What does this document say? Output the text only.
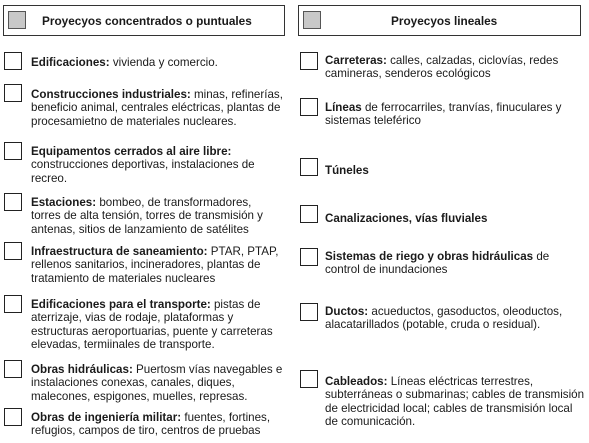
Proyecyos concentrados o puntuales	Proyecyos lineales
Edificaciones: vivienda y comercio.
Construcciones industriales: minas, refinerías, beneficio animal, centrales eléctricas, plantas de procesamietno de materiales nucleares.
Equipamentos cerrados al aire libre: construcciones deportivas, instalaciones de recreo.
Estaciones: bombeo, de transformadores, torres de alta tensión, torres de transmisión y antenas, sitios de lanzamiento de satélites
Infraestructura de saneamiento: PTAR, PTAP, rellenos sanitarios, incineradores, plantas de tratamiento de materiales nucleares
Edificaciones para el transporte: pistas de aterrizaje, vias de rodaje, plataformas y estructuras aeroportuarias, puente y carreteras elevadas, termiinales de transporte.
Obras hidráulicas: Puertosm vías navegables e instalaciones conexas, canales, diques, malecones, espigones, muelles, represas.
Obras de ingeniería militar: fuentes, fortines, refugios, campos de tiro, centros de pruebas
Carreteras: calles, calzadas, ciclovías, redes camineras, senderos ecológicos
Líneas de ferrocarriles, tranvías, finuculares y sistemas teleférico
Túneles
Canalizaciones, vías fluviales
Sistemas de riego y obras hidráulicas de control de inundaciones
Ductos: acueductos, gasoductos, oleoductos, alacatarillados (potable, cruda o residual).
Cableados: Líneas eléctricas terrestres, subterráneas o submarinas; cables de transmisión de electricidad local; cables de transmisión local de comunicación.
